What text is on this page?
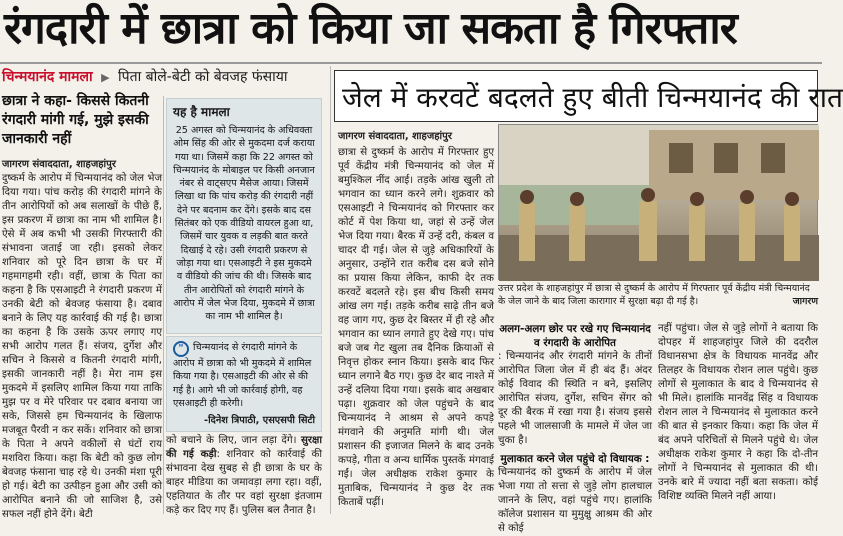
रंगदारी में छात्रा को किया जा सकता है गिरफ्तार
चिन्मयानंद मामला ▶ पिता बोले-बेटी को बेवजह फंसाया
छात्रा ने कहा- किससे कितनी रंगदारी मांगी गई, मुझे इसकी जानकारी नहीं
जागरण संवाददाता, शाहजहांपुर
दुष्कर्म के आरोप में चिन्मयानंद को जेल भेज दिया गया। पांच करोड़ की रंगदारी मांगने के तीन आरोपियों को अब सलाखों के पीछे हैं, इस प्रकरण में छात्रा का नाम भी शामिल है। ऐसे में अब कभी भी उसकी गिरफ्तारी की संभावना जताई जा रही। इसको लेकर शनिवार को पूरे दिन छात्रा के घर में गहमागहमी रही। वहीं, छात्रा के पिता का कहना है कि एसआइटी ने रंगदारी प्रकरण में उनकी बेटी को बेवजह फंसाया है। दबाव बनाने के लिए यह कार्रवाई की गई है। छात्रा का कहना है कि उसके ऊपर लगाए गए सभी आरोप गलत हैं। संजय, दुर्गेश और सचिन ने किससे व कितनी रंगदारी मांगी, इसकी जानकारी नहीं है। मेरा नाम इस मुकदमे में इसलिए शामिल किया गया ताकि मुझ पर व मेरे परिवार पर दबाव बनाया जा सके, जिससे हम चिन्मयानंद के खिलाफ मजबूत पैरवी न कर सकें। शनिवार को छात्रा के पिता ने अपने वकीलों से घंटों राय मशविरा किया। कहा कि बेटी को कुछ लोग बेवजह फंसाना चाह रहे थे। उनकी मंशा पूरी हो गई। बेटी का उत्पीड़न हुआ और उसी को आरोपित बनाने की जो साजिश है, उसे सफल नहीं होने देंगे। बेटी
यह है मामला
25 अगस्त को चिन्मयानंद के अधिवक्ता ओम सिंह की ओर से मुकदमा दर्ज कराया गया था। जिसमें कहा कि 22 अगस्त को चिन्मयानंद के मोबाइल पर किसी अनजान नंबर से वाट्सएप मैसेज आया। जिसमें लिखा था कि पांच करोड़ की रंगदारी नहीं देने पर बदनाम कर देंगे। इसके बाद दस सितंबर को एक वीडियो वायरल हुआ था, जिसमें चार युवक व लड़की बात करते दिखाई दे रहे। उसी रंगदारी प्रकरण से जोड़ा गया था। एसआइटी ने इस मुकदमे व वीडियो की जांच की थी। जिसके बाद तीन आरोपितों को रंगदारी मांगने के आरोप में जेल भेज दिया, मुकदमे में छात्रा का नाम भी शामिल है।
" चिन्मयानंद से रंगदारी मांगने के आरोप में छात्रा को भी मुकदमे में शामिल किया गया है। एसआइटी की ओर से की गई है। आगे भी जो कार्रवाई होगी, वह एसआइटी ही करेगी।
-दिनेश त्रिपाठी, एसएसपी सिटी
को बचाने के लिए, जान लड़ा देंगे। सुरक्षा की गई कड़ी: शनिवार को कार्रवाई की संभावना देख सुबह से ही छात्रा के घर के बाहर मीडिया का जमावड़ा लगा रहा। वहीं, एहतियात के तौर पर वहां सुरक्षा इंतजाम कड़े कर दिए गए हैं। पुलिस बल तैनात है।
जेल में करवटें बदलते हुए बीती चिन्मयानंद की रात
जागरण संवाददाता, शाहजहांपुर
छात्रा से दुष्कर्म के आरोप में गिरफ्तार हुए पूर्व केंद्रीय मंत्री चिन्मयानंद को जेल में बमुश्किल नींद आई। तड़के आंख खुली तो भगवान का ध्यान करने लगे। शुक्रवार को एसआइटी ने चिन्मयानंद को गिरफ्तार कर कोर्ट में पेश किया था, जहां से उन्हें जेल भेज दिया गया। बैरक में उन्हें दरी, कंबल व चादर दी गई। जेल से जुड़े अधिकारियों के अनुसार, उन्होंने रात करीब दस बजे सोने का प्रयास किया लेकिन, काफी देर तक करवटें बदलते रहे। इस बीच किसी समय आंख लग गई। तड़के करीब साढ़े तीन बजे वह जाग गए, कुछ देर बिस्तर में ही रहे और भगवान का ध्यान लगाते हुए देखे गए। पांच बजे जब गेट खुला तब दैनिक क्रियाओं से निवृत्त होकर स्नान किया। इसके बाद फिर ध्यान लगाने बैठ गए। कुछ देर बाद नाश्ते में उन्हें दलिया दिया गया। इसके बाद अखबार पढ़ा। शुक्रवार को जेल पहुंचने के बाद चिन्मयानंद ने आश्रम से अपने कपड़े मंगवाने की अनुमति मांगी थी। जेल प्रशासन की इजाजत मिलने के बाद उनके कपड़े, गीता व अन्य धार्मिक पुस्तकें मंगवाई गईं। जेल अधीक्षक राकेश कुमार के मुताबिक, चिन्मयानंद ने कुछ देर तक किताबें पढ़ीं।
उत्तर प्रदेश के शाहजहांपुर में छात्रा से दुष्कर्म के आरोप में गिरफ्तार पूर्व केंद्रीय मंत्री चिन्मयानंद के जेल जाने के बाद जिला कारागार में सुरक्षा बढ़ा दी गई है।	जागरण
अलग-अलग छोर पर रखे गए चिन्मयानंद व रंगदारी के आरोपित
: चिन्मयानंद और रंगदारी मांगने के तीनों आरोपित जिला जेल में ही बंद हैं। अंदर कोई विवाद की स्थिति न बने, इसलिए आरोपित संजय, दुर्गेश, सचिन सेंगर को दूर की बैरक में रखा गया है। संजय इससे पहले भी जालसाजी के मामले में जेल जा चुका है।
मुलाकात करने जेल पहुंचे दो विधायक :
चिन्मयानंद को दुष्कर्म के आरोप में जेल भेजा गया तो सत्ता से जुड़े लोग हालचाल जानने के लिए, वहां पहुंचे गए। हालांकि कॉलेज प्रशासन या मुमुक्षु आश्रम की ओर से कोई
नहीं पहुंचा। जेल से जुड़े लोगों ने बताया कि दोपहर में शाहजहांपुर जिले की ददरौल विधानसभा क्षेत्र के विधायक मानवेंद्र और तिलहर के विधायक रोशन लाल पहुंचे। कुछ लोगों से मुलाकात के बाद वे चिन्मयानंद से भी मिले। हालांकि मानवेंद्र सिंह व विधायक रोशन लाल ने चिन्मयानंद से मुलाकात करने की बात से इनकार किया। कहा कि जेल में बंद अपने परिचितों से मिलने पहुंचे थे। जेल अधीक्षक राकेश कुमार ने कहा कि दो-तीन लोगों ने चिन्मयानंद से मुलाकात की थी। उनके बारे में ज्यादा नहीं बता सकता। कोई विशिष्ट व्यक्ति मिलने नहीं आया।
